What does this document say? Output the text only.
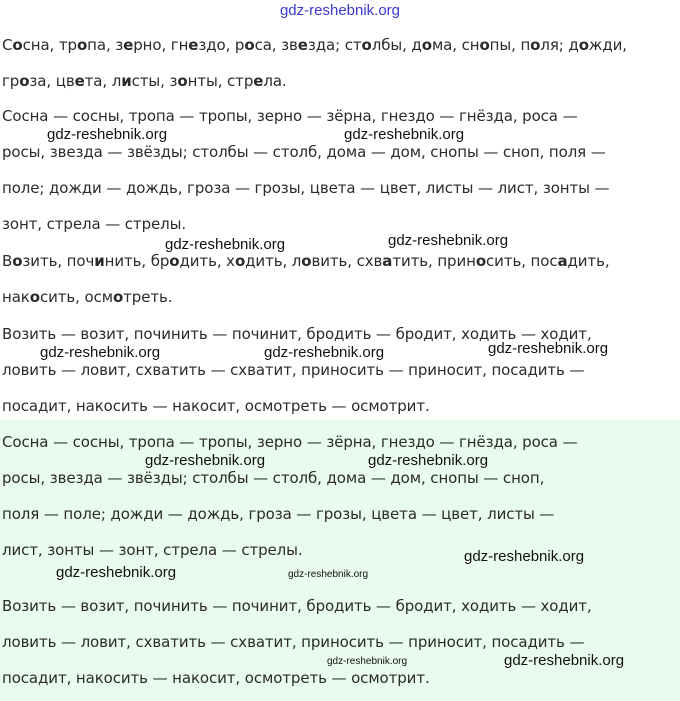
gdz-reshebnik.org

Сосна, тропа, зерно, гнездо, роса, звезда; столбы, дома, снопы, поля; дожди,

гроза, цвета, листы, зонты, стрела.

Сосна — сосны, тропа — тропы, зерно — зёрна, гнездо — гнёзда, роса —

росы, звезда — звёзды; столбы — столб, дома — дом, снопы — сноп, поля —

поле; дожди — дождь, гроза — грозы, цвета — цвет, листы — лист, зонты —

зонт, стрела — стрелы.

Возить, починить, бродить, ходить, ловить, схватить, приносить, посадить,

накосить, осмотреть.

Возить — возит, починить — починит, бродить — бродит, ходить — ходит,

ловить — ловит, схватить — схватит, приносить — приносит, посадить —

посадит, накосить — накосит, осмотреть — осмотрит.

Сосна — сосны, тропа — тропы, зерно — зёрна, гнездо — гнёзда, роса —

росы, звезда — звёзды; столбы — столб, дома — дом, снопы — сноп,

поля — поле; дожди — дождь, гроза — грозы, цвета — цвет, листы —

лист, зонты — зонт, стрела — стрелы.

Возить — возит, починить — починит, бродить — бродит, ходить — ходит,

ловить — ловит, схватить — схватит, приносить — приносит, посадить —

посадит, накосить — накосит, осмотреть — осмотрит.

gdz-reshebnik.org	gdz-reshebnik.org
gdz-reshebnik.org	gdz-reshebnik.org
gdz-reshebnik.org	gdz-reshebnik.org	gdz-reshebnik.org
gdz-reshebnik.org	gdz-reshebnik.org
gdz-reshebnik.org
gdz-reshebnik.org	gdz-reshebnik.org
gdz-reshebnik.org	gdz-reshebnik.org
